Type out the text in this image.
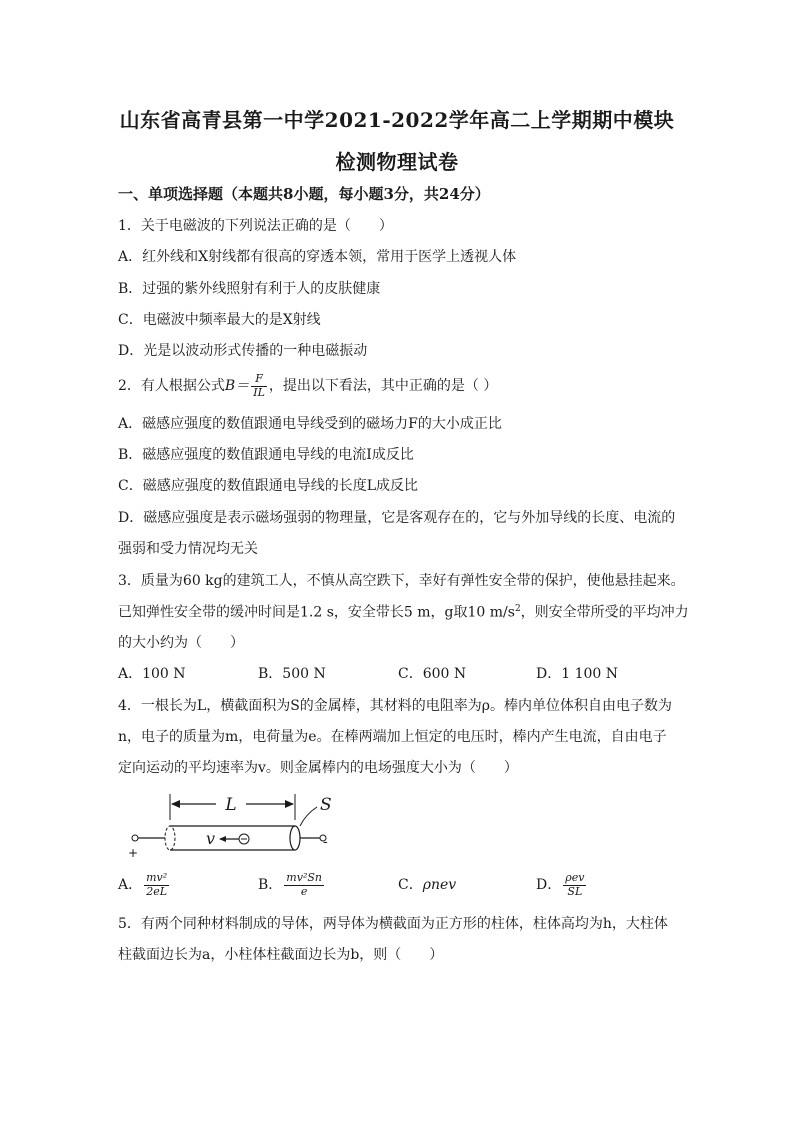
山东省高青县第一中学2021-2022学年高二上学期期中模块
检测物理试卷
一、单项选择题（本题共8小题，每小题3分，共24分）
1．关于电磁波的下列说法正确的是（　　）
A．红外线和X射线都有很高的穿透本领，常用于医学上透视人体
B．过强的紫外线照射有利于人的皮肤健康
C．电磁波中频率最大的是X射线
D．光是以波动形式传播的一种电磁振动
2．有人根据公式$B= \frac{F}{IL}$ ，提出以下看法，其中正确的是（ ）
A．磁感应强度的数值跟通电导线受到的磁场力F的大小成正比
B．磁感应强度的数值跟通电导线的电流I成反比
C．磁感应强度的数值跟通电导线的长度L成反比
D．磁感应强度是表示磁场强弱的物理量，它是客观存在的，它与外加导线的长度、电流的
强弱和受力情况均无关
3．质量为60 kg的建筑工人，不慎从高空跌下，幸好有弹性安全带的保护，使他悬挂起来。
已知弹性安全带的缓冲时间是1.2 s，安全带长5 m，g取10 $m/s^2$，则安全带所受的平均冲力
的大小约为（　　）
A．100 N	B．500 N	C．600 N	D．1 100 N
4．一根长为L，横截面积为S的金属棒，其材料的电阻率为ρ。棒内单位体积自由电子数为
n，电子的质量为m，电荷量为e。在棒两端加上恒定的电压时，棒内产生电流，自由电子
定向运动的平均速率为v。则金属棒内的电场强度大小为（　　）
L	S
+
-
v
A． $\frac{\text{mv²}}{2eL}$	B． $\frac{\text{mv²Sn}}{e}$	C．ρnev	D． $\frac{\text{ρev}}{SL}$
5．有两个同种材料制成的导体，两导体为横截面为正方形的柱体，柱体高均为h，大柱体
柱截面边长为a，小柱体柱截面边长为b，则（　　）
